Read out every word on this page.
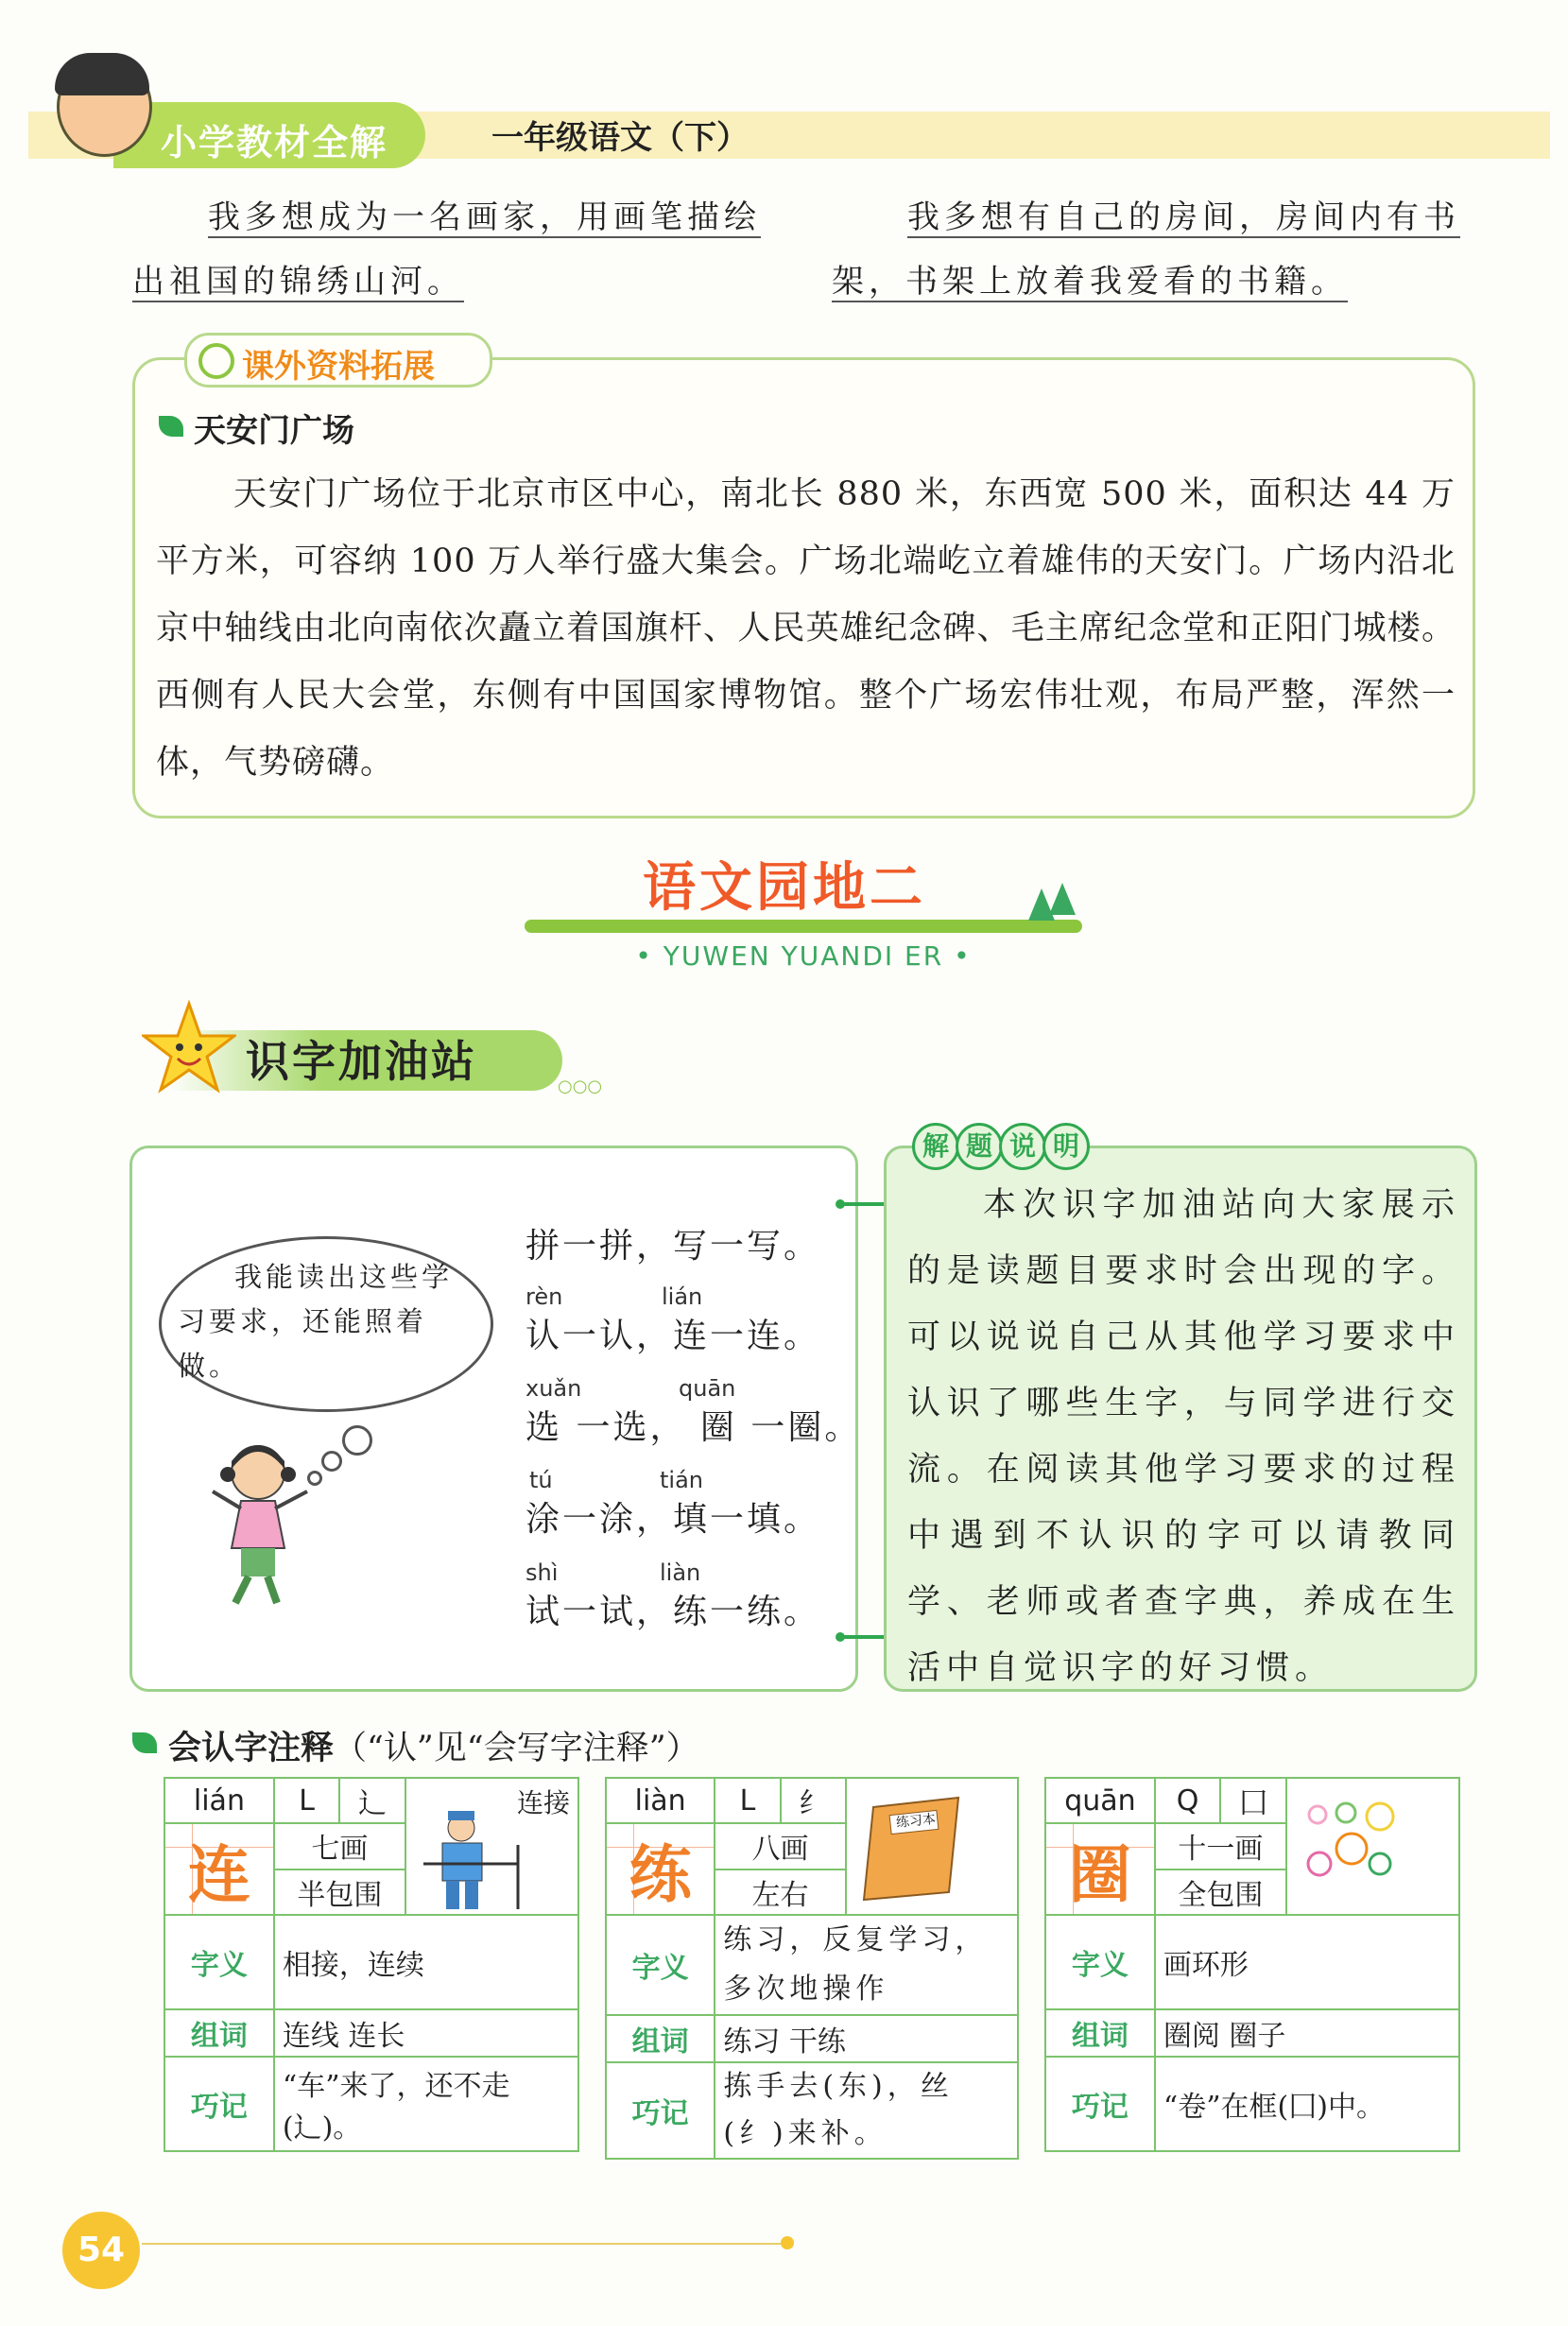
小学教材全解	一年级语文（下）
我多想成为一名画家，用画笔描绘出祖国的锦绣山河。
我多想有自己的房间，房间内有书架，书架上放着我爱看的书籍。
课外资料拓展
天安门广场
天安门广场位于北京市区中心，南北长 880 米，东西宽 500 米，面积达 44 万平方米，可容纳 100 万人举行盛大集会。广场北端屹立着雄伟的天安门。广场内沿北京中轴线由北向南依次矗立着国旗杆、人民英雄纪念碑、毛主席纪念堂和正阳门城楼。西侧有人民大会堂，东侧有中国国家博物馆。整个广场宏伟壮观，布局严整，浑然一体，气势磅礴。
语文园地二
• YUWEN YUANDI ER •
识字加油站	○○○
我能读出这些学习要求，还能照着做。
拼一拼，写一写。
rèn	lián
认一认，连一连。
xuǎn	quān
选 一选， 圈 一圈。
tú	tián
涂一涂，填一填。
shì	liàn
试一试，练一练。
解 题 说 明
本次识字加油站向大家展示的是读题目要求时会出现的字。可以说说自己从其他学习要求中认识了哪些生字，与同学进行交流。在阅读其他学习要求的过程中遇到不认识的字可以请教同学、老师或者查字典，养成在生活中自觉识字的好习惯。
会认字注释（“认”见“会写字注释”）
lián	L	辶	连接

连	七画		
	半包围		
字义	相接，连续		
组词	连线 连长		
巧记	“车”来了，还不走(辶)。		
liàn	L	纟	练习本

练	八画		
	左右		
字义	练习，反复学习，多次地操作		
组词	练习 干练		
巧记	拣手去(东)，丝(纟)来补。		
quān	Q	囗	

圈	十一画		
	全包围		
字义	画环形		
组词	圈阅 圈子		
巧记	“卷”在框(囗)中。		
54
